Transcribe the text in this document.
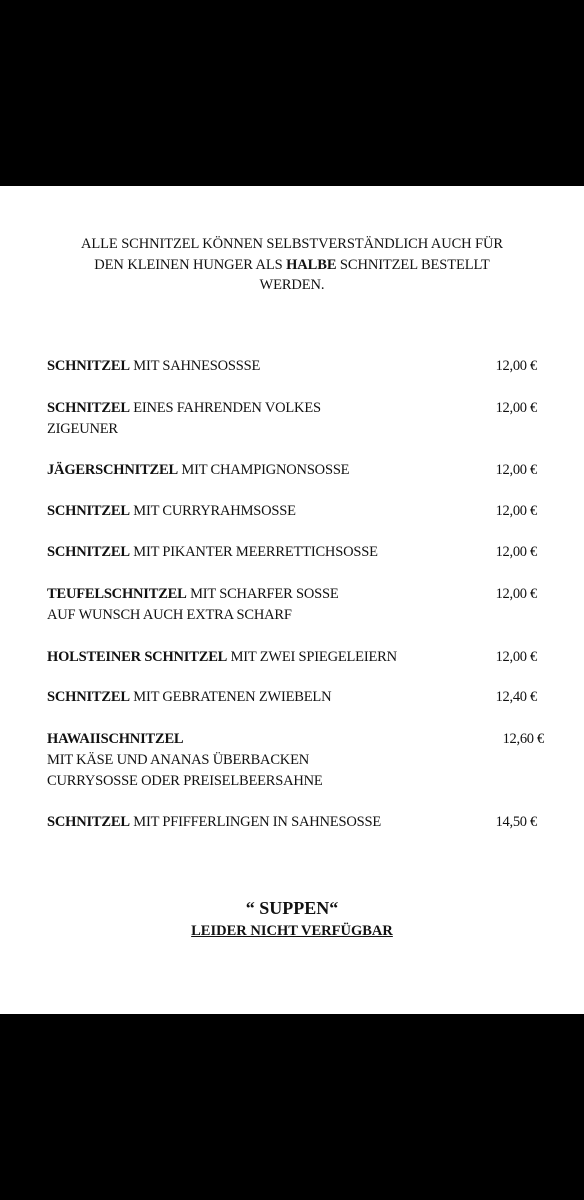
ALLE SCHNITZEL KÖNNEN SELBSTVERSTÄNDLICH AUCH FÜR
DEN KLEINEN HUNGER ALS HALBE SCHNITZEL BESTELLT
WERDEN.
SCHNITZEL MIT SAHNESOSSSE	12,00 €
SCHNITZEL EINES FAHRENDEN VOLKES
ZIGEUNER
12,00 €
JÄGERSCHNITZEL MIT CHAMPIGNONSOSSE	12,00 €
SCHNITZEL MIT CURRYRAHMSOSSE	12,00 €
SCHNITZEL MIT PIKANTER MEERRETTICHSOSSE	12,00 €
TEUFELSCHNITZEL MIT SCHARFER SOSSE
AUF WUNSCH AUCH EXTRA SCHARF
12,00 €
HOLSTEINER SCHNITZEL MIT ZWEI SPIEGELEIERN	12,00 €
SCHNITZEL MIT GEBRATENEN ZWIEBELN	12,40 €
HAWAIISCHNITZEL
MIT KÄSE UND ANANAS ÜBERBACKEN
CURRYSOSSE ODER PREISELBEERSAHNE
12,60 €
SCHNITZEL MIT PFIFFERLINGEN IN SAHNESOSSE	14,50 €
“ SUPPEN“
LEIDER NICHT VERFÜGBAR
